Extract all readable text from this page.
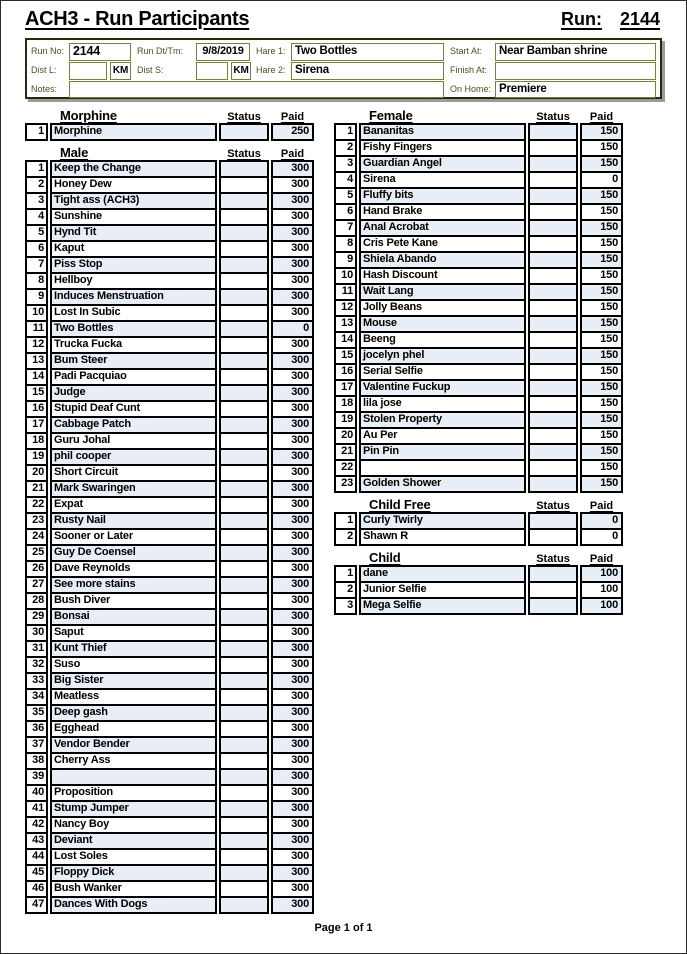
ACH3 - Run Participants	Run: 2144
Run No: 2144	Run Dt/Tm:	9/8/2019	Hare 1: Two Bottles	Start At:	Near Bamban shrine
Dist L:	KM Dist S:	KM Hare 2: Sirena	Finish At:
Notes:	On Home: Premiere
Morphine	Status	Paid
1 Morphine	250
Male	Status	Paid
1 Keep the Change	300
2 Honey Dew	300
3 Tight ass (ACH3)	300
4 Sunshine	300
5 Hynd Tit	300
6 Kaput	300
7 Piss Stop	300
8 Hellboy	300
9 Induces Menstruation	300
10 Lost In Subic	300
11 Two Bottles	0
12 Trucka Fucka	300
13 Bum Steer	300
14 Padi Pacquiao	300
15 Judge	300
16 Stupid Deaf Cunt	300
17 Cabbage Patch	300
18 Guru Johal	300
19 phil cooper	300
20 Short Circuit	300
21 Mark Swaringen	300
22 Expat	300
23 Rusty Nail	300
24 Sooner or Later	300
25 Guy De Coensel	300
26 Dave Reynolds	300
27 See more stains	300
28 Bush Diver	300
29 Bonsai	300
30 Saput	300
31 Kunt Thief	300
32 Suso	300
33 Big Sister	300
34 Meatless	300
35 Deep gash	300
36 Egghead	300
37 Vendor Bender	300
38 Cherry Ass	300
39	300
40 Proposition	300
41 Stump Jumper	300
42 Nancy Boy	300
43 Deviant	300
44 Lost Soles	300
45 Floppy Dick	300
46 Bush Wanker	300
47 Dances With Dogs	300
Female	Status	Paid
1 Bananitas	150
2 Fishy Fingers	150
3 Guardian Angel	150
4 Sirena	0
5 Fluffy bits	150
6 Hand Brake	150
7 Anal Acrobat	150
8 Cris Pete Kane	150
9 Shiela Abando	150
10 Hash Discount	150
11 Wait Lang	150
12 Jolly Beans	150
13 Mouse	150
14 Beeng	150
15 jocelyn phel	150
16 Serial Selfie	150
17 Valentine Fuckup	150
18 lila jose	150
19 Stolen Property	150
20 Au Per	150
21 Pin Pin	150
22	150
23 Golden Shower	150
Child Free	Status	Paid
1 Curly Twirly	0
2 Shawn R	0
Child	Status	Paid
1 dane	100
2 Junior Selfie	100
3 Mega Selfie	100
Page 1 of 1
